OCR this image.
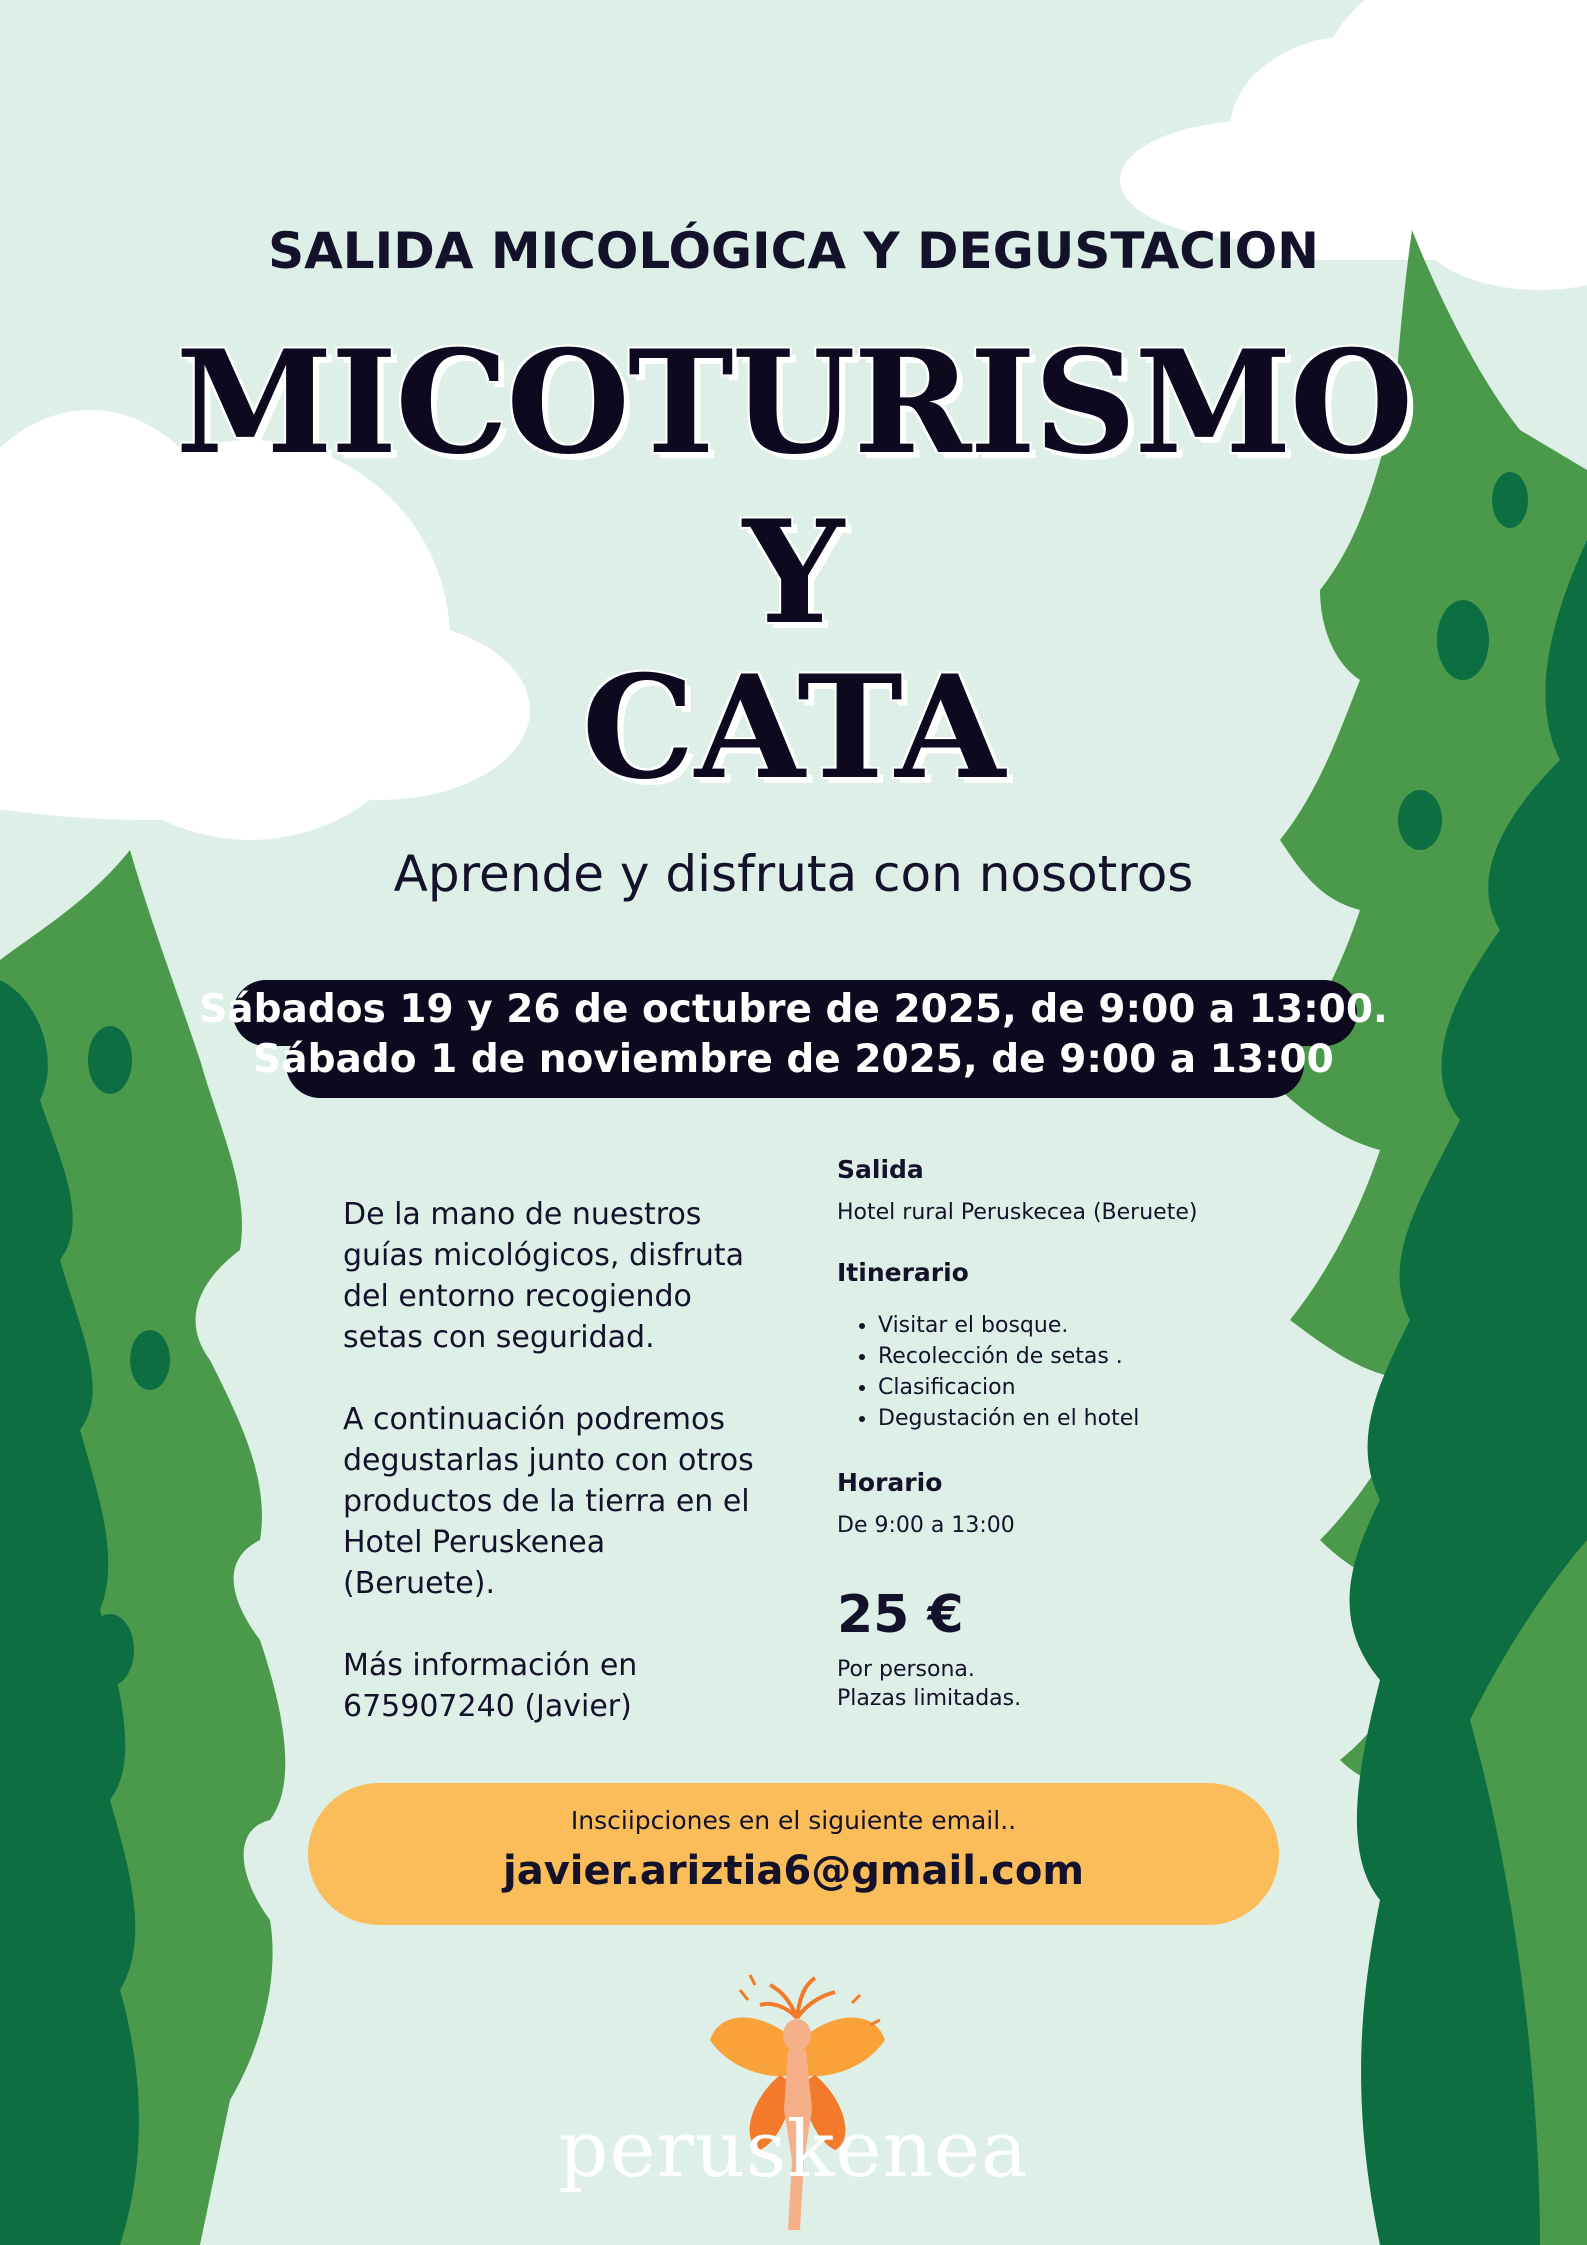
SALIDA MICOLÓGICA Y DEGUSTACION
MICOTURISMO
Y
CATA
Aprende y disfruta con nosotros
Sábados 19 y 26 de octubre de 2025, de 9:00 a 13:00.
Sábado 1 de noviembre de 2025, de 9:00 a 13:00
De la mano de nuestros guías micológicos, disfruta del entorno recogiendo setas con seguridad.
A continuación podremos degustarlas junto con otros productos de la tierra en el Hotel Peruskenea (Beruete).
Más información en 675907240 (Javier)
Salida
Hotel rural Peruskecea (Beruete)
Itinerario
• Visitar el bosque.
• Recolección de setas .
• Clasificacion
• Degustación en el hotel
Horario
De 9:00 a 13:00
25 €
Por persona.
Plazas limitadas.
Insciipciones en el siguiente email..
javier.ariztia6@gmail.com
peruskenea
